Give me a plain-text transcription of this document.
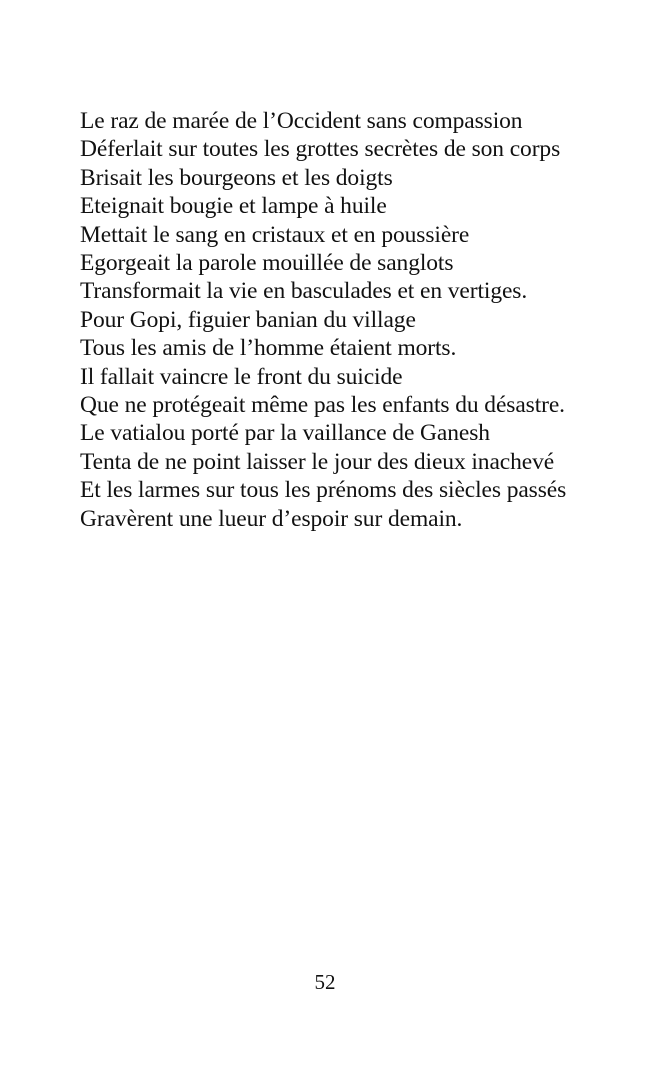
Le raz de marée de l’Occident sans compassion
Déferlait sur toutes les grottes secrètes de son corps
Brisait les bourgeons et les doigts
Eteignait bougie et lampe à huile
Mettait le sang en cristaux et en poussière
Egorgeait la parole mouillée de sanglots
Transformait la vie en basculades et en vertiges.
Pour Gopi, figuier banian du village
Tous les amis de l’homme étaient morts.
Il fallait vaincre le front du suicide
Que ne protégeait même pas les enfants du désastre.
Le vatialou porté par la vaillance de Ganesh
Tenta de ne point laisser le jour des dieux inachevé
Et les larmes sur tous les prénoms des siècles passés
Gravèrent une lueur d’espoir sur demain.
52
